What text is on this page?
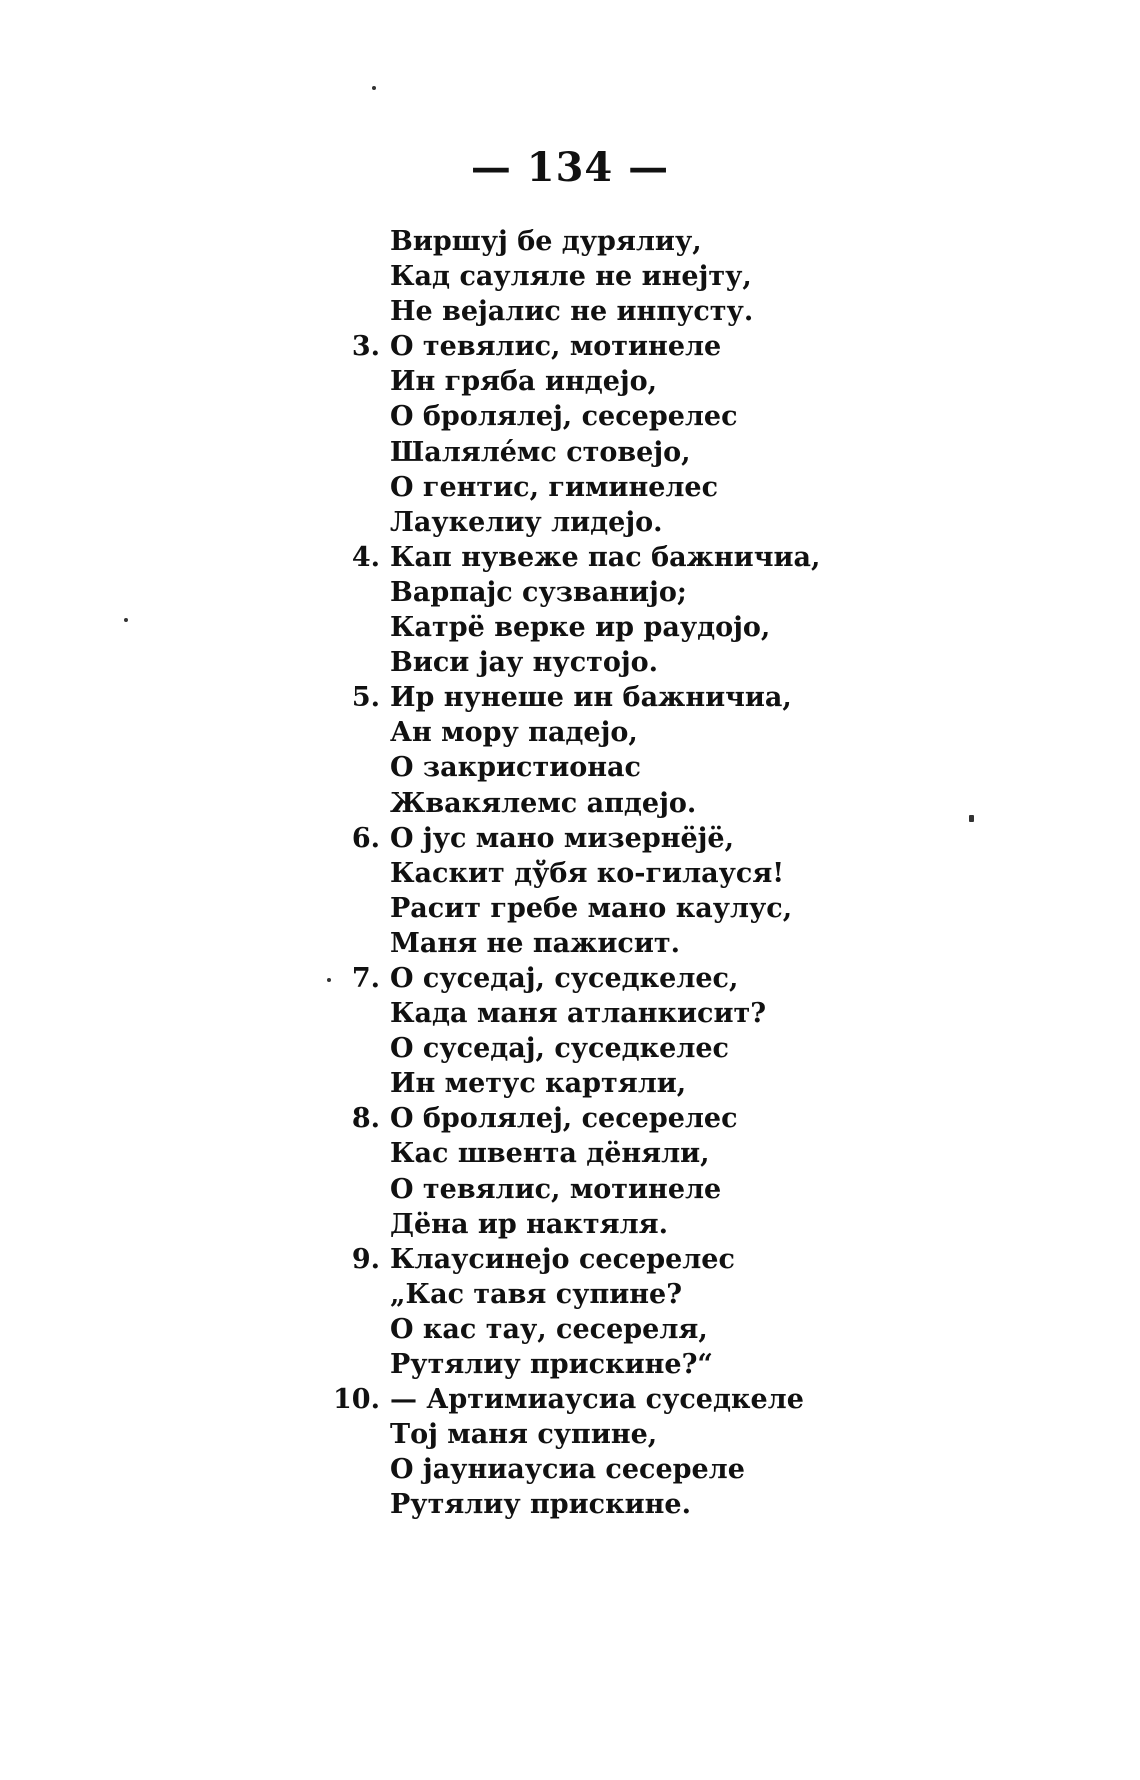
— 134 —
Виршуј бе дурялиу,
Кад сауляле не инејту,
Не вејалис не инпусту.
3. О тевялис, мотинеле
Ин гряба индејо,
О бролялеј, сесерелес
Шаляле́мс стовејо,
О гентис, гиминелес
Лаукелиу лидејо.
4. Кап нувеже пас бажничиа,
Варпајс сузванијо;
Катрё верке ир раудојо,
Виси јау нустојо.
5. Ир нунеше ин бажничиа,
Ан мору падејо,
О закристионас
Жвакялемс апдејо.
6. О јус мано мизернёјё,
Каскит дўбя ко-гилауся!
Расит гребе мано каулус,
Маня не пажисит.
7. О суседај, суседкелес,
Када маня атланкисит?
О суседај, суседкелес
Ин метус картяли,
8. О бролялеј, сесерелес
Кас швента дёняли,
О тевялис, мотинеле
Дёна ир нактяля.
9. Клаусинејо сесерелес
„Кас тавя супине?
О кас тау, сесереля,
Рутялиу прискине?“
10. — Артимиаусиа суседкеле
Тој маня супине,
О јауниаусиа сесереле
Рутялиу прискине.
